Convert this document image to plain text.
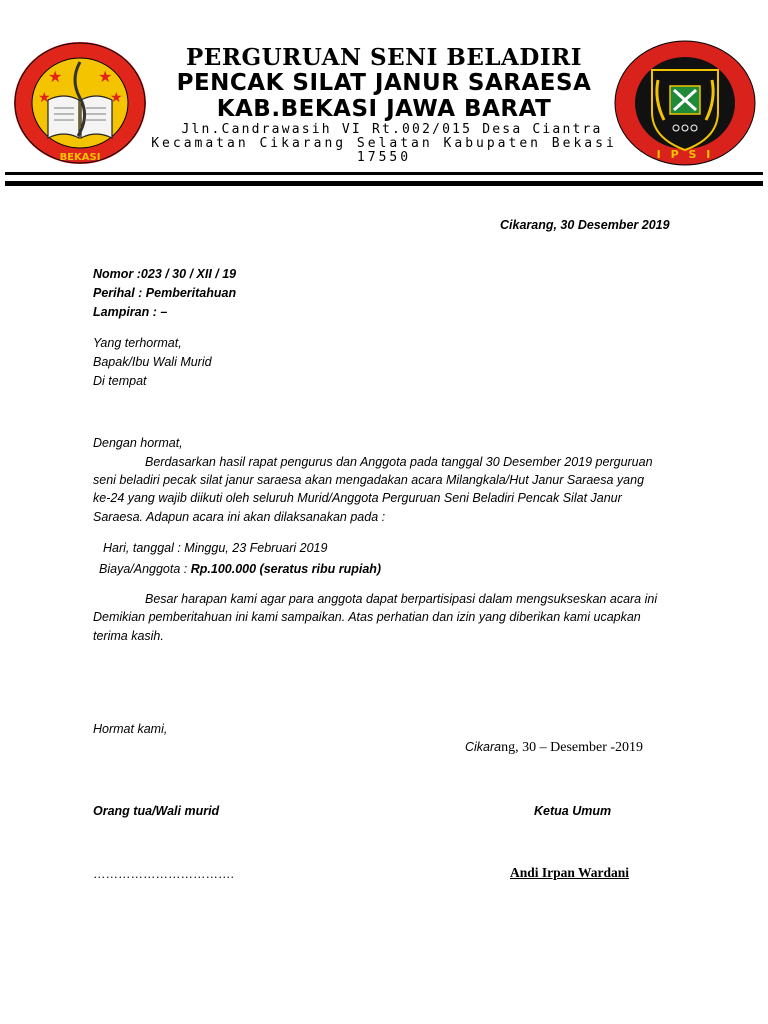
★ ★
★	★
BEKASI	I P S I
PERGURUAN SENI BELADIRI
PENCAK SILAT JANUR SARAESA
KAB.BEKASI JAWA BARAT
Jln.Candrawasih VI Rt.002/015 Desa Ciantra
Kecamatan Cikarang Selatan Kabupaten Bekasi
17550
Cikarang, 30 Desember 2019
Nomor :023 / 30 / XII / 19
Perihal : Pemberitahuan
Lampiran : –
Yang terhormat,
Bapak/Ibu Wali Murid
Di tempat
Dengan hormat,
Berdasarkan hasil rapat pengurus dan Anggota pada tanggal 30 Desember 2019 perguruan
seni beladiri pecak silat janur saraesa akan mengadakan acara Milangkala/Hut Janur Saraesa yang
ke-24 yang wajib diikuti oleh seluruh Murid/Anggota Perguruan Seni Beladiri Pencak Silat Janur
Saraesa. Adapun acara ini akan dilaksanakan pada :
Hari, tanggal : Minggu, 23 Februari 2019
Biaya/Anggota : Rp.100.000 (seratus ribu rupiah)
Besar harapan kami agar para anggota dapat berpartisipasi dalam mengsukseskan acara ini
Demikian pemberitahuan ini kami sampaikan. Atas perhatian dan izin yang diberikan kami ucapkan
terima kasih.
Hormat kami,
Cikarang, 30 – Desember -2019
Orang tua/Wali murid	Ketua Umum
…………………………….	Andi Irpan Wardani
